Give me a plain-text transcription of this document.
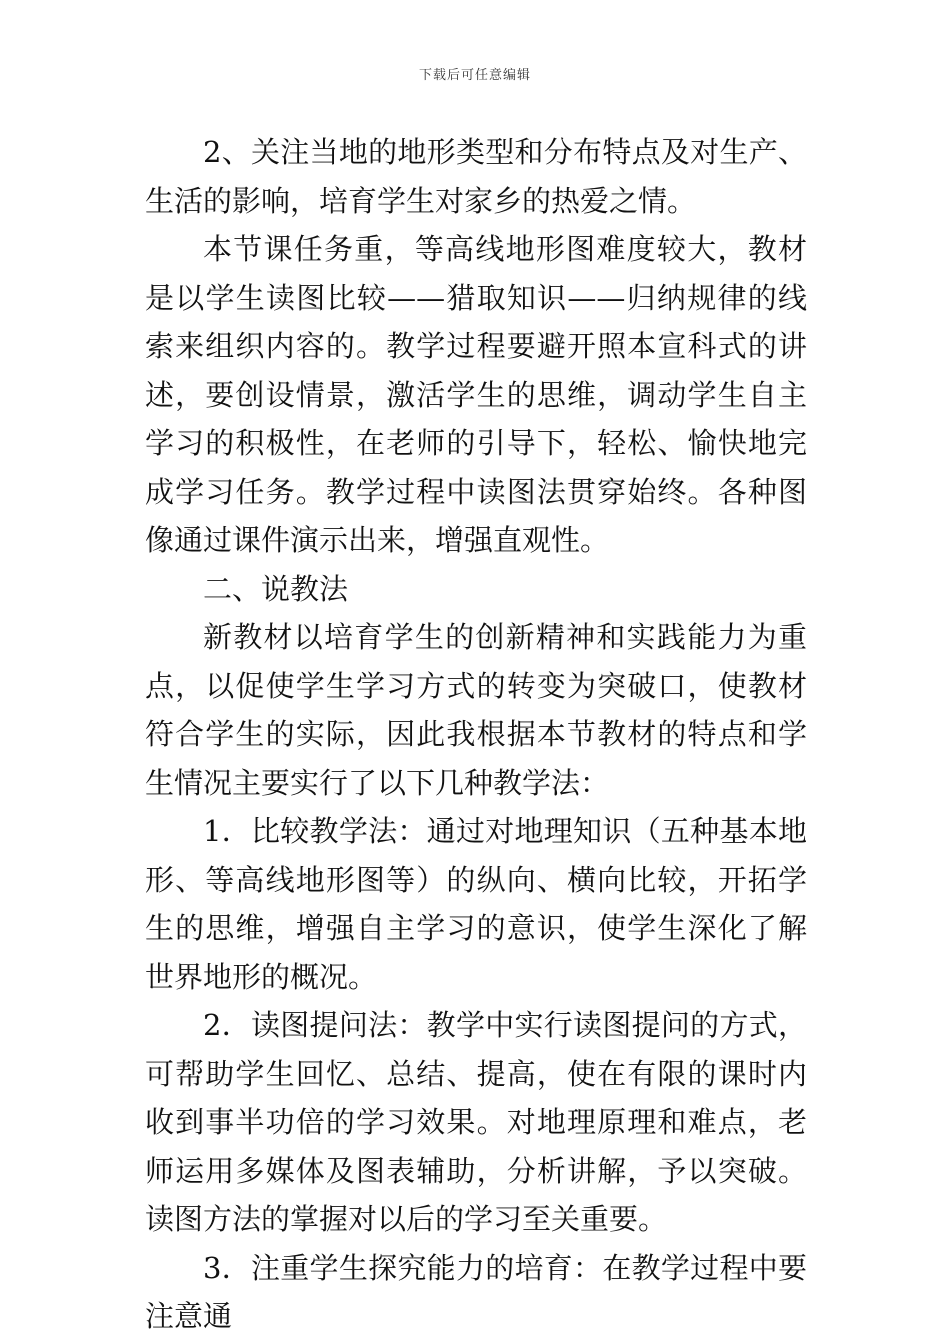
下载后可任意编辑

2、关注当地的地形类型和分布特点及对生产、生活的影响，培育学生对家乡的热爱之情。

本节课任务重，等高线地形图难度较大，教材是以学生读图比较——猎取知识——归纳规律的线索来组织内容的。教学过程要避开照本宣科式的讲述，要创设情景，激活学生的思维，调动学生自主学习的积极性，在老师的引导下，轻松、愉快地完成学习任务。教学过程中读图法贯穿始终。各种图像通过课件演示出来，增强直观性。

二、说教法

新教材以培育学生的创新精神和实践能力为重点，以促使学生学习方式的转变为突破口，使教材符合学生的实际，因此我根据本节教材的特点和学生情况主要实行了以下几种教学法：

1．比较教学法：通过对地理知识（五种基本地形、等高线地形图等）的纵向、横向比较，开拓学生的思维，增强自主学习的意识，使学生深化了解世界地形的概况。

2．读图提问法：教学中实行读图提问的方式，可帮助学生回忆、总结、提高，使在有限的课时内收到事半功倍的学习效果。对地理原理和难点，老师运用多媒体及图表辅助，分析讲解，予以突破。读图方法的掌握对以后的学习至关重要。

3．注重学生探究能力的培育：在教学过程中要注意通
